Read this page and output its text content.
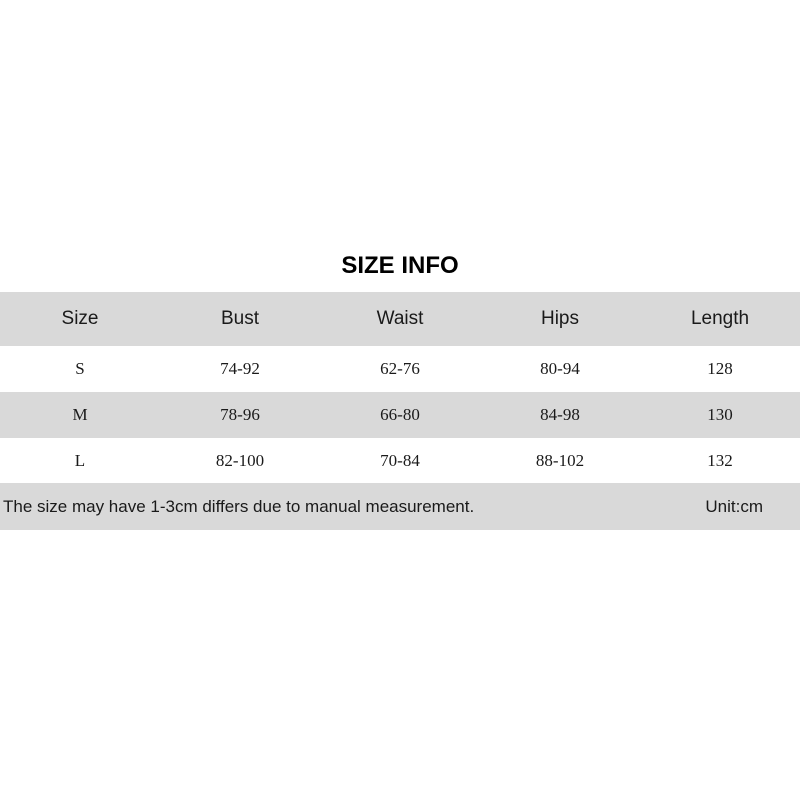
SIZE INFO
Size	Bust	Waist	Hips	Length
S	74-92	62-76	80-94	128
M	78-96	66-80	84-98	130
L	82-100	70-84	88-102	132
The size may have 1-3cm differs due to manual measurement.	Unit:cm
